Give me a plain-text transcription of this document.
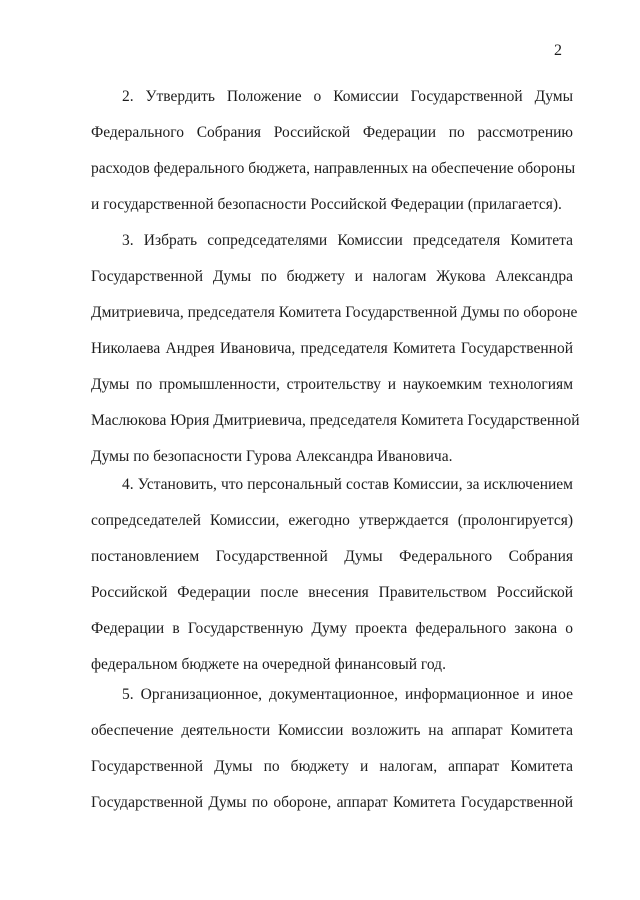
2
2. Утвердить Положение о Комиссии Государственной Думы
Федерального Собрания Российской Федерации по рассмотрению
расходов федерального бюджета, направленных на обеспечение обороны
и государственной безопасности Российской Федерации (прилагается).
3. Избрать сопредседателями Комиссии председателя Комитета
Государственной Думы по бюджету и налогам Жукова Александра
Дмитриевича, председателя Комитета Государственной Думы по обороне
Николаева Андрея Ивановича, председателя Комитета Государственной
Думы по промышленности, строительству и наукоемким технологиям
Маслюкова Юрия Дмитриевича, председателя Комитета Государственной
Думы по безопасности Гурова Александра Ивановича.
4. Установить, что персональный состав Комиссии, за исключением
сопредседателей Комиссии, ежегодно утверждается (пролонгируется)
постановлением Государственной Думы Федерального Собрания
Российской Федерации после внесения Правительством Российской
Федерации в Государственную Думу проекта федерального закона о
федеральном бюджете на очередной финансовый год.
5. Организационное, документационное, информационное и иное
обеспечение деятельности Комиссии возложить на аппарат Комитета
Государственной Думы по бюджету и налогам, аппарат Комитета
Государственной Думы по обороне, аппарат Комитета Государственной
